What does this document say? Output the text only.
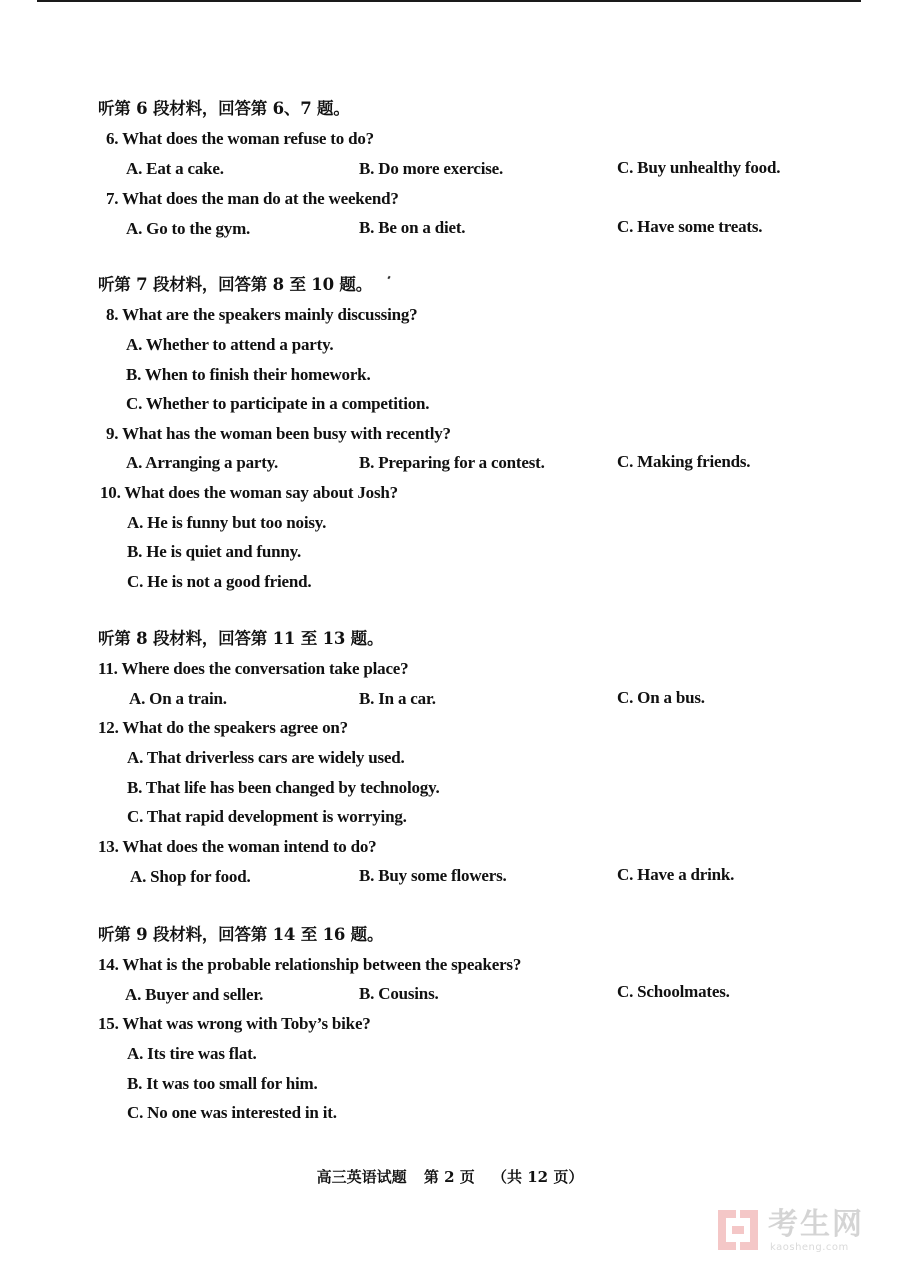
听第 6 段材料，回答第 6、7 题。
6. What does the woman refuse to do?
A. Eat a cake.	B. Do more exercise.	C. Buy unhealthy food.
7. What does the man do at the weekend?
A. Go to the gym.	B. Be on a diet.	C. Have some treats.
听第 7 段材料，回答第 8 至 10 题。
8. What are the speakers mainly discussing?
A. Whether to attend a party.
B. When to finish their homework.
C. Whether to participate in a competition.
9. What has the woman been busy with recently?
A. Arranging a party.	B. Preparing for a contest.	C. Making friends.
10. What does the woman say about Josh?
A. He is funny but too noisy.
B. He is quiet and funny.
C. He is not a good friend.
听第 8 段材料，回答第 11 至 13 题。
11. Where does the conversation take place?
A. On a train.	B. In a car.	C. On a bus.
12. What do the speakers agree on?
A. That driverless cars are widely used.
B. That life has been changed by technology.
C. That rapid development is worrying.
13. What does the woman intend to do?
A. Shop for food.	B. Buy some flowers.	C. Have a drink.
听第 9 段材料，回答第 14 至 16 题。
14. What is the probable relationship between the speakers?
A. Buyer and seller.	B. Cousins.	C. Schoolmates.
15. What was wrong with Toby’s bike?
A. Its tire was flat.
B. It was too small for him.
C. No one was interested in it.
高三英语试题 第 2 页 （共 12 页）
考生网
kaosheng.com
